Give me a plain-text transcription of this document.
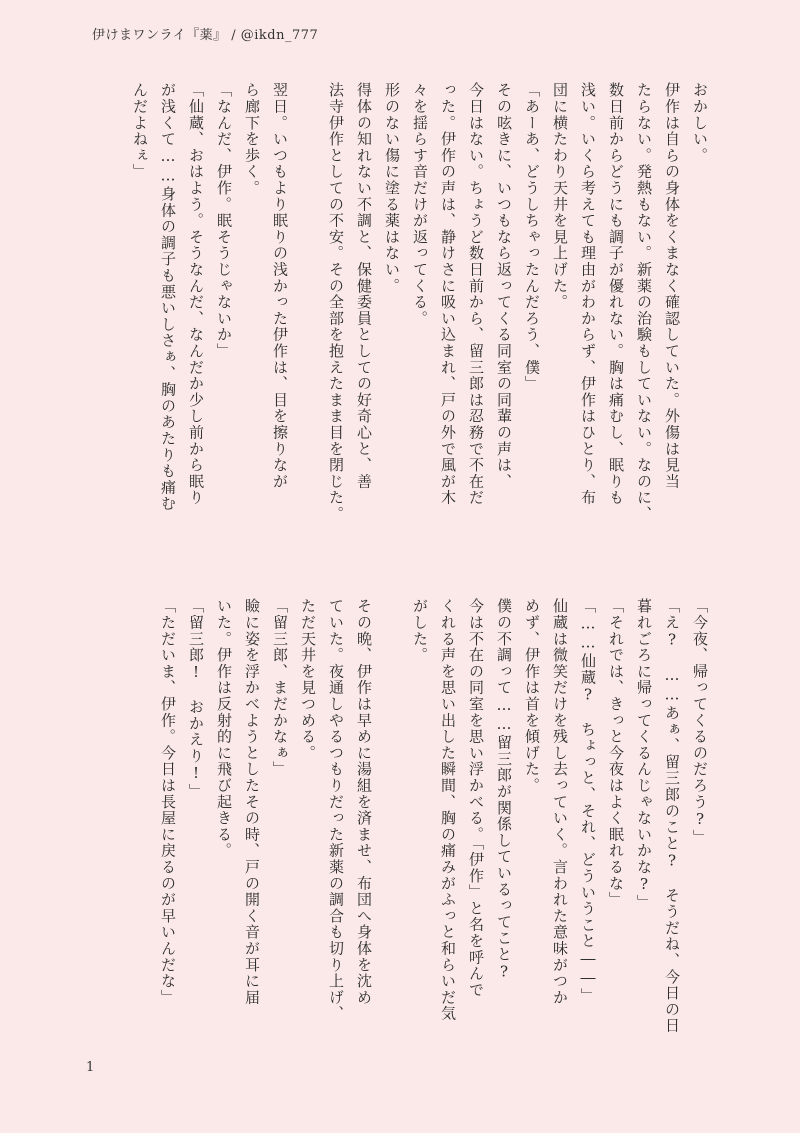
伊けまワンライ『薬』 / @ikdn_777
おかしい。
伊作は自らの身体をくまなく確認していた。外傷は見当
たらない。発熱もない。新薬の治験もしていない。なのに、
数日前からどうにも調子が優れない。胸は痛むし、眠りも
浅い。いくら考えても理由がわからず、伊作はひとり、布
団に横たわり天井を見上げた。
「あーあ、どうしちゃったんだろう、僕」
その呟きに、いつもなら返ってくる同室の同輩の声は、
今日はない。ちょうど数日前から、留三郎は忍務で不在だ
った。伊作の声は、静けさに吸い込まれ、戸の外で風が木
々を揺らす音だけが返ってくる。
形のない傷に塗る薬はない。
得体の知れない不調と、保健委員としての好奇心と、善
法寺伊作としての不安。その全部を抱えたまま目を閉じた。
翌日。いつもより眠りの浅かった伊作は、目を擦りなが
ら廊下を歩く。
「なんだ、伊作。眠そうじゃないか」
「仙蔵、おはよう。そうなんだ、なんだか少し前から眠り
が浅くて……身体の調子も悪いしさぁ、胸のあたりも痛む
んだよねぇ」
「今夜、帰ってくるのだろう?」
「え?　……あぁ、留三郎のこと?　そうだね、今日の日
暮れごろに帰ってくるんじゃないかな?」
「それでは、きっと今夜はよく眠れるな」
「……仙蔵?　ちょっと、それ、どういうこと――」
仙蔵は微笑だけを残し去っていく。言われた意味がつか
めず、伊作は首を傾げた。
僕の不調って……留三郎が関係しているってこと?
今は不在の同室を思い浮かべる。「伊作」と名を呼んで
くれる声を思い出した瞬間、胸の痛みがふっと和らいだ気
がした。
その晩、伊作は早めに湯組を済ませ、布団へ身体を沈め
ていた。夜通しやるつもりだった新薬の調合も切り上げ、
ただ天井を見つめる。
「留三郎、まだかなぁ」
瞼に姿を浮かべようとしたその時、戸の開く音が耳に届
いた。伊作は反射的に飛び起きる。
「留三郎!　おかえり!」
「ただいま、伊作。今日は長屋に戻るのが早いんだな」
1
